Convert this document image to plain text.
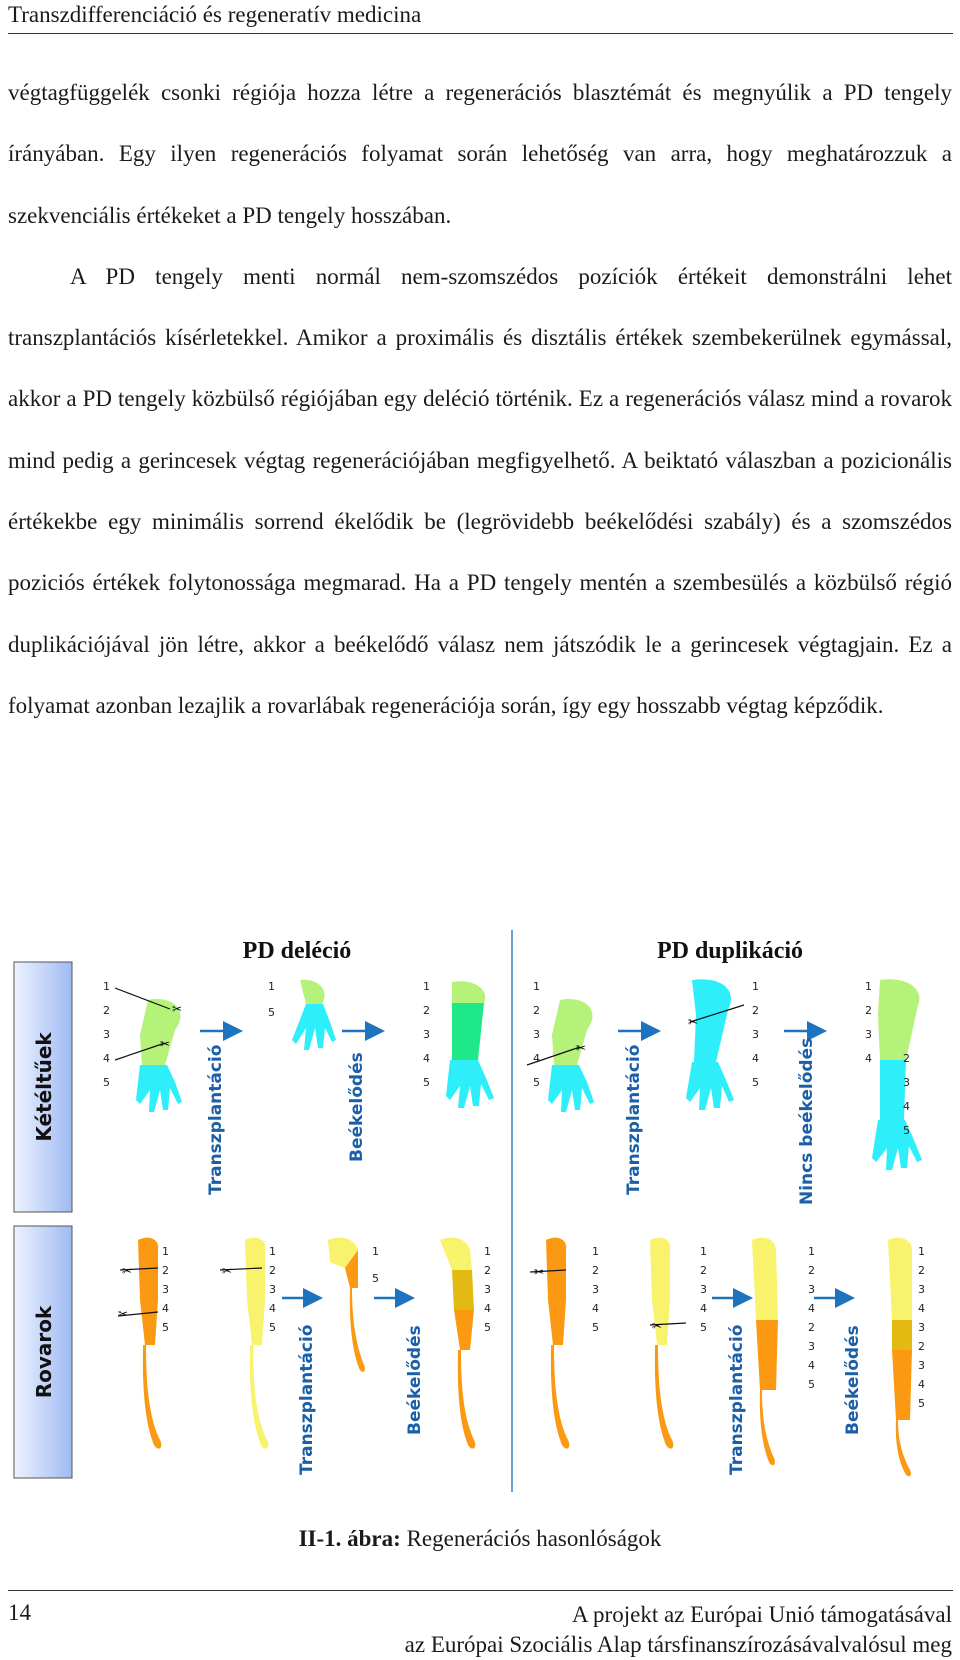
Transzdifferenciáció és regeneratív medicina

végtagfüggelék csonki régiója hozza létre a regenerációs blasztémát és megnyúlik a PD tengely írányában. Egy ilyen regenerációs folyamat során lehetőség van arra, hogy meghatározzuk a szekvenciális értékeket a PD tengely hosszában.

A PD tengely menti normál nem-szomszédos pozíciók értékeit demonstrálni lehet transzplantációs kísérletekkel. Amikor a proximális és disztális értékek szembekerülnek egymással, akkor a PD tengely közbülső régiójában egy deléció történik. Ez a regenerációs válasz mind a rovarok mind pedig a gerincesek végtag regenerációjában megfigyelhető. A beiktató válaszban a pozicionális értékekbe egy minimális sorrend ékelődik be (legrövidebb beékelődési szabály) és a szomszédos poziciós értékek folytonossága megmarad. Ha a PD tengely mentén a szembesülés a közbülső régió duplikációjával jön létre, akkor a beékelődő válasz nem játszódik le a gerincesek végtagjain. Ez a folyamat azonban lezajlik a rovarlábak regenerációja során, így egy hosszabb végtag képződik.

PD deléció	PD duplikáció
Kétéltűek
Rovarok
✂
✂
1
2
3
4
5	Transzplantáció
1
5
Beékelődés
1
2
3
4
5
✂
1
2
3
4
5	Transzplantáció
✂
1
2
3
4
5 Nincs beékelődés
1
2
3
4	2
3
4
5
✂
✂
1
2
3
4
5
✂
1
2
3
4
5 Transzplantáció
1
5
Beékelődés
1
2
3
4
5
✂
1
2
3
4
5	✂
1
2
3
4
5 Transzplantáció
1
2
3
4
2
3
4
5 Beékelődés
1
2
3
4
3
2
3
4
5
II-1. ábra: Regenerációs hasonlóságok
14	A projekt az Európai Unió támogatásával
az Európai Szociális Alap társfinanszírozásávalvalósul meg
